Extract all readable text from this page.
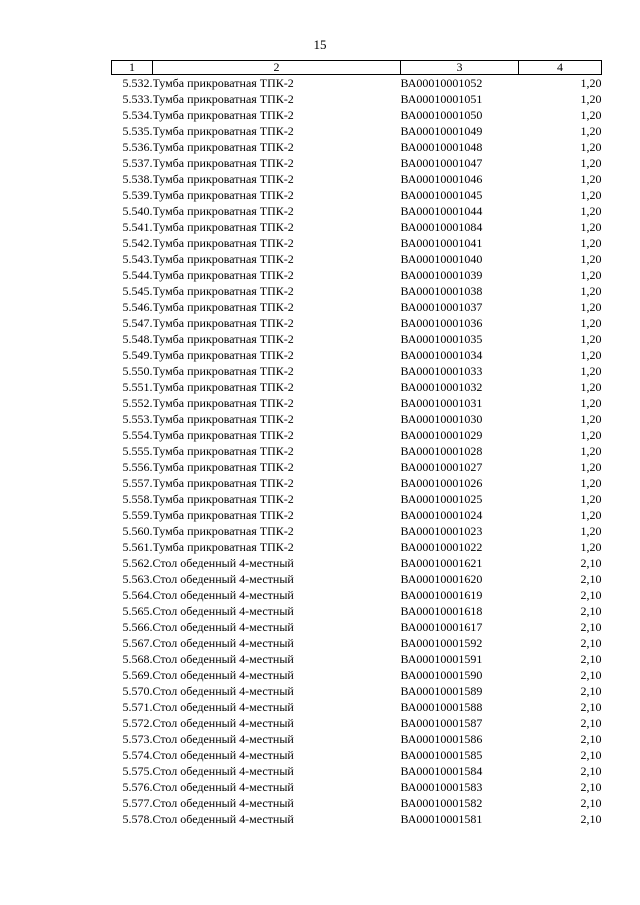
15
1	2	3	4
5.532.	Тумба прикроватная ТПК-2	ВА00010001052	1,20
5.533.	Тумба прикроватная ТПК-2	ВА00010001051	1,20
5.534.	Тумба прикроватная ТПК-2	ВА00010001050	1,20
5.535.	Тумба прикроватная ТПК-2	ВА00010001049	1,20
5.536.	Тумба прикроватная ТПК-2	ВА00010001048	1,20
5.537.	Тумба прикроватная ТПК-2	ВА00010001047	1,20
5.538.	Тумба прикроватная ТПК-2	ВА00010001046	1,20
5.539.	Тумба прикроватная ТПК-2	ВА00010001045	1,20
5.540.	Тумба прикроватная ТПК-2	ВА00010001044	1,20
5.541.	Тумба прикроватная ТПК-2	ВА00010001084	1,20
5.542.	Тумба прикроватная ТПК-2	ВА00010001041	1,20
5.543.	Тумба прикроватная ТПК-2	ВА00010001040	1,20
5.544.	Тумба прикроватная ТПК-2	ВА00010001039	1,20
5.545.	Тумба прикроватная ТПК-2	ВА00010001038	1,20
5.546.	Тумба прикроватная ТПК-2	ВА00010001037	1,20
5.547.	Тумба прикроватная ТПК-2	ВА00010001036	1,20
5.548.	Тумба прикроватная ТПК-2	ВА00010001035	1,20
5.549.	Тумба прикроватная ТПК-2	ВА00010001034	1,20
5.550.	Тумба прикроватная ТПК-2	ВА00010001033	1,20
5.551.	Тумба прикроватная ТПК-2	ВА00010001032	1,20
5.552.	Тумба прикроватная ТПК-2	ВА00010001031	1,20
5.553.	Тумба прикроватная ТПК-2	ВА00010001030	1,20
5.554.	Тумба прикроватная ТПК-2	ВА00010001029	1,20
5.555.	Тумба прикроватная ТПК-2	ВА00010001028	1,20
5.556.	Тумба прикроватная ТПК-2	ВА00010001027	1,20
5.557.	Тумба прикроватная ТПК-2	ВА00010001026	1,20
5.558.	Тумба прикроватная ТПК-2	ВА00010001025	1,20
5.559.	Тумба прикроватная ТПК-2	ВА00010001024	1,20
5.560.	Тумба прикроватная ТПК-2	ВА00010001023	1,20
5.561.	Тумба прикроватная ТПК-2	ВА00010001022	1,20
5.562.	Стол обеденный 4-местный	ВА00010001621	2,10
5.563.	Стол обеденный 4-местный	ВА00010001620	2,10
5.564.	Стол обеденный 4-местный	ВА00010001619	2,10
5.565.	Стол обеденный 4-местный	ВА00010001618	2,10
5.566.	Стол обеденный 4-местный	ВА00010001617	2,10
5.567.	Стол обеденный 4-местный	ВА00010001592	2,10
5.568.	Стол обеденный 4-местный	ВА00010001591	2,10
5.569.	Стол обеденный 4-местный	ВА00010001590	2,10
5.570.	Стол обеденный 4-местный	ВА00010001589	2,10
5.571.	Стол обеденный 4-местный	ВА00010001588	2,10
5.572.	Стол обеденный 4-местный	ВА00010001587	2,10
5.573.	Стол обеденный 4-местный	ВА00010001586	2,10
5.574.	Стол обеденный 4-местный	ВА00010001585	2,10
5.575.	Стол обеденный 4-местный	ВА00010001584	2,10
5.576.	Стол обеденный 4-местный	ВА00010001583	2,10
5.577.	Стол обеденный 4-местный	ВА00010001582	2,10
5.578.	Стол обеденный 4-местный	ВА00010001581	2,10
